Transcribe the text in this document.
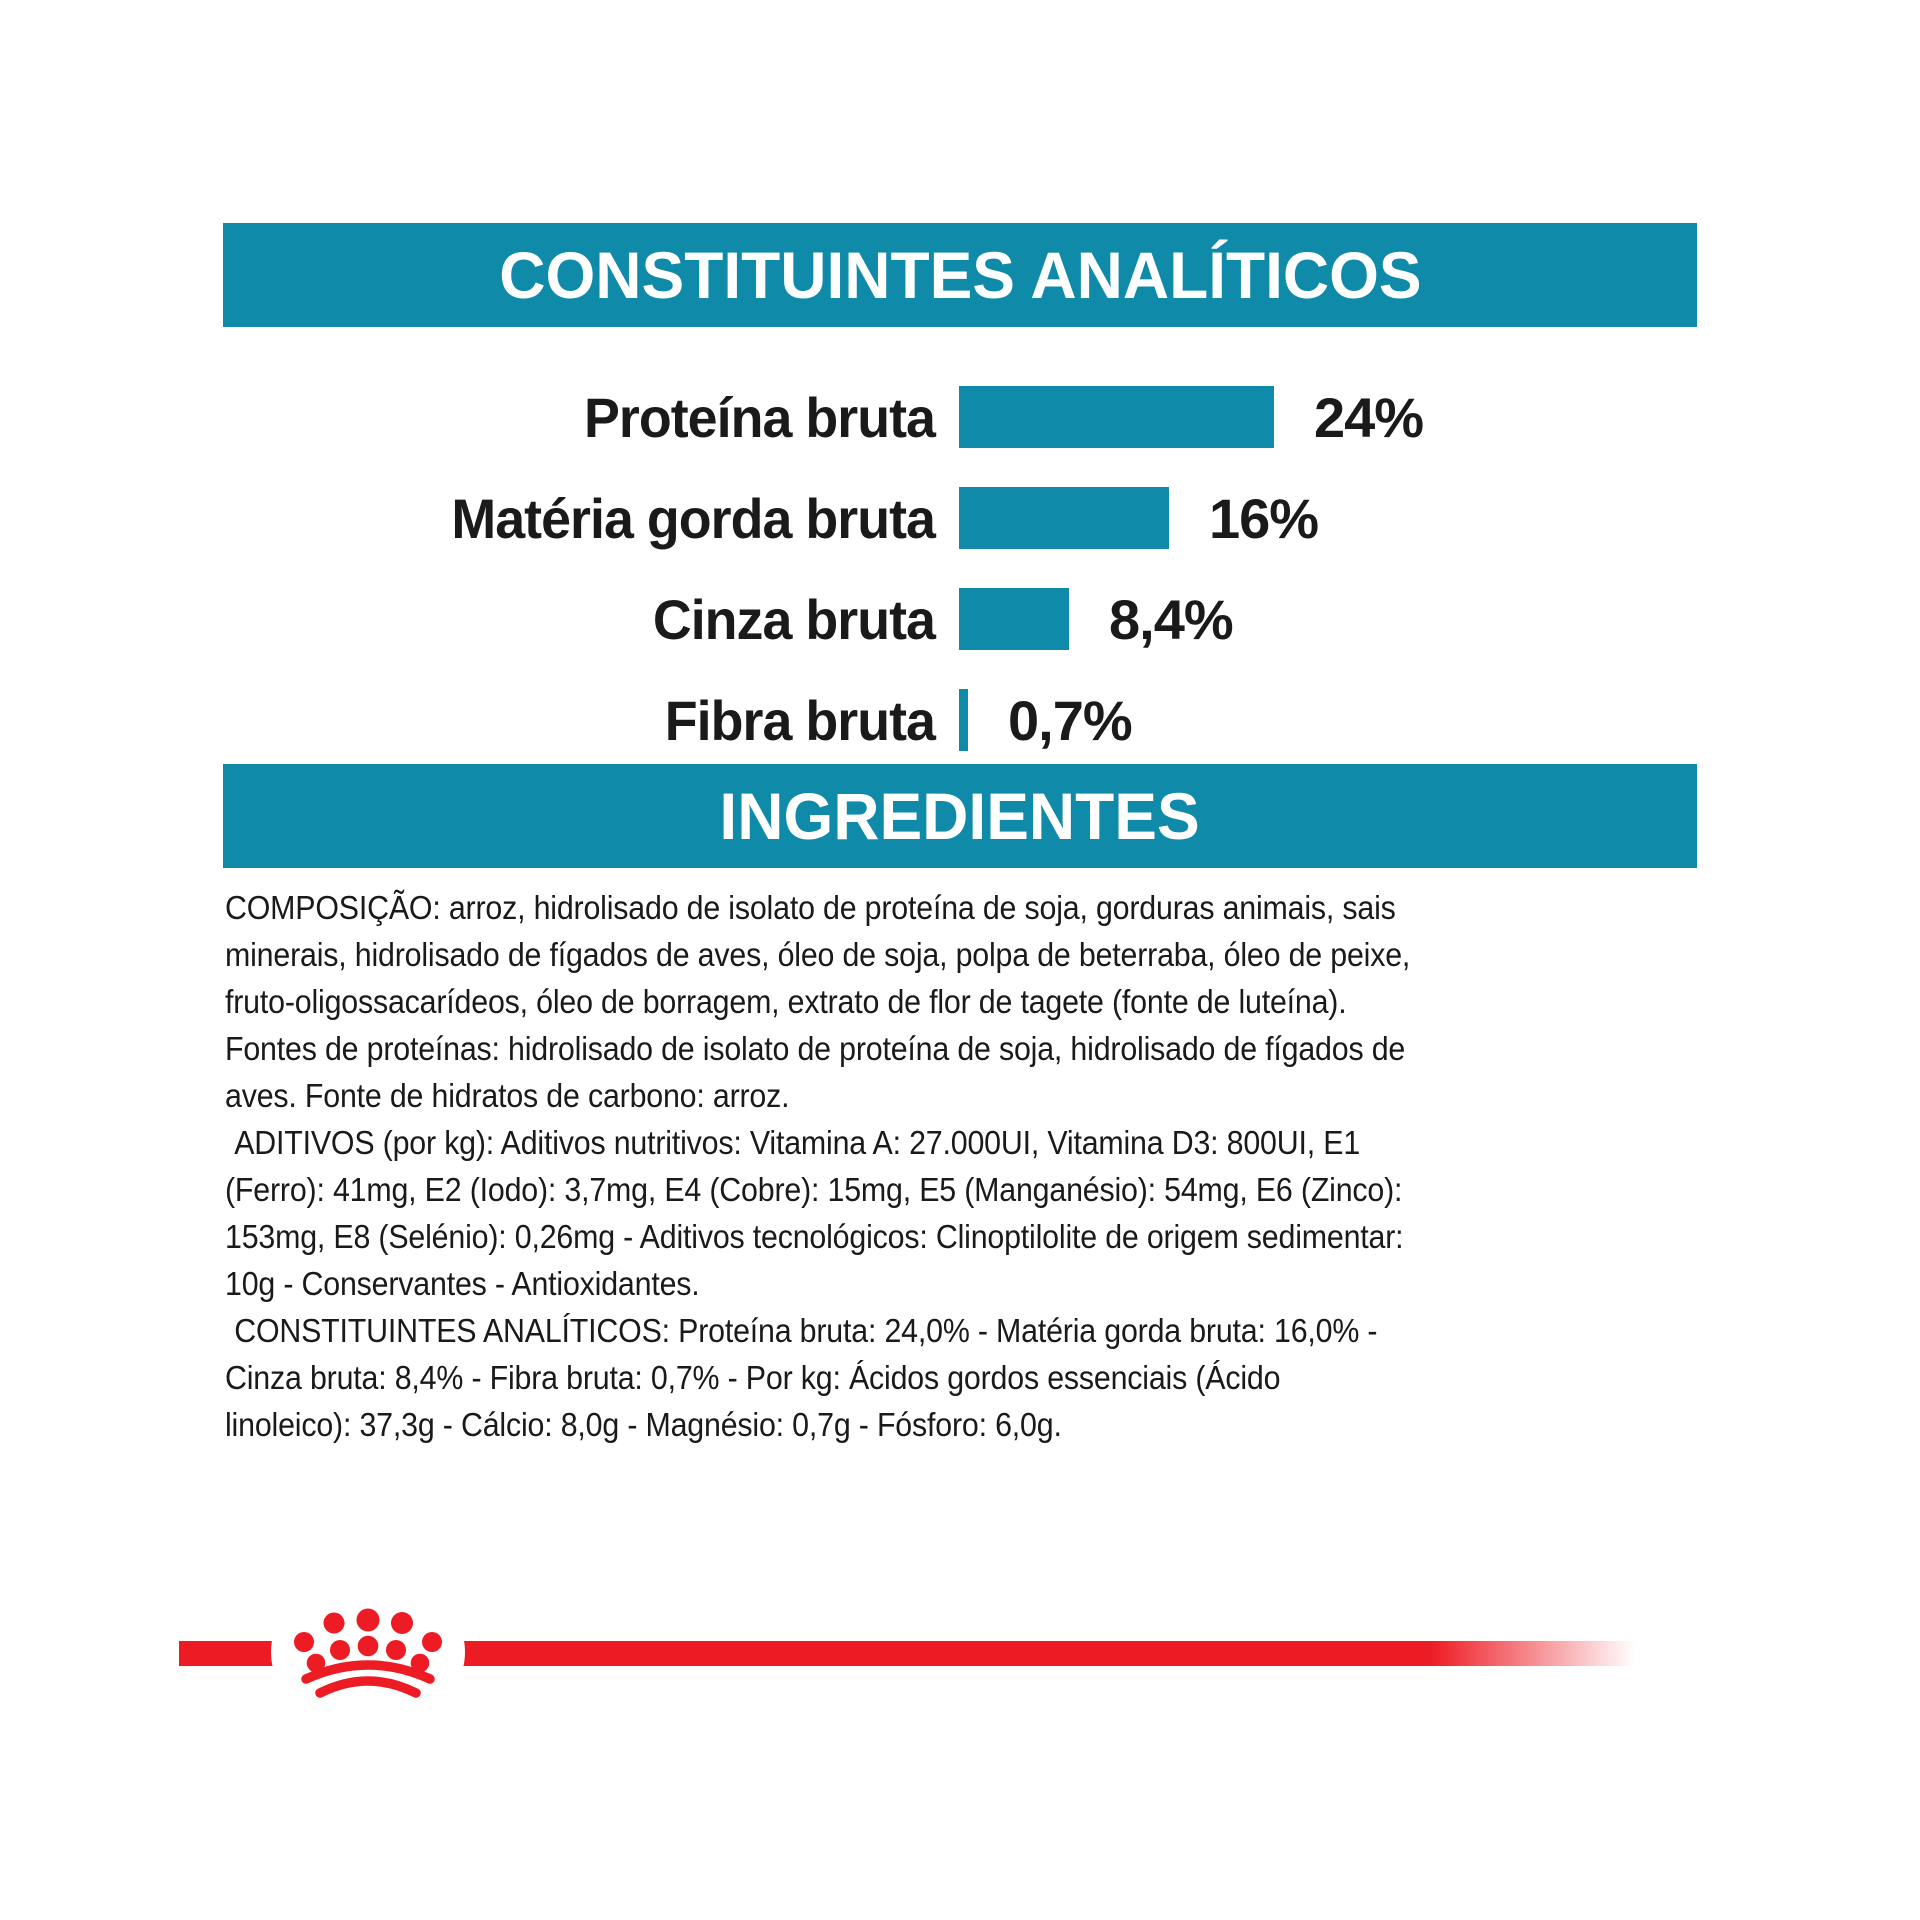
CONSTITUINTES ANALÍTICOS
Proteína bruta	24%
Matéria gorda bruta	16%
Cinza bruta	8,4%
Fibra bruta 0,7%
INGREDIENTES

COMPOSIÇÃO: arroz, hidrolisado de isolato de proteína de soja, gorduras animais, sais minerais, hidrolisado de fígados de aves, óleo de soja, polpa de beterraba, óleo de peixe, fruto-oligossacarídeos, óleo de borragem, extrato de flor de tagete (fonte de luteína). Fontes de proteínas: hidrolisado de isolato de proteína de soja, hidrolisado de fígados de aves. Fonte de hidratos de carbono: arroz.

ADITIVOS (por kg): Aditivos nutritivos: Vitamina A: 27.000UI, Vitamina D3: 800UI, E1 (Ferro): 41mg, E2 (Iodo): 3,7mg, E4 (Cobre): 15mg, E5 (Manganésio): 54mg, E6 (Zinco): 153mg, E8 (Selénio): 0,26mg - Aditivos tecnológicos: Clinoptilolite de origem sedimentar: 10g - Conservantes - Antioxidantes.

CONSTITUINTES ANALÍTICOS: Proteína bruta: 24,0% - Matéria gorda bruta: 16,0% - Cinza bruta: 8,4% - Fibra bruta: 0,7% - Por kg: Ácidos gordos essenciais (Ácido linoleico): 37,3g - Cálcio: 8,0g - Magnésio: 0,7g - Fósforo: 6,0g.
